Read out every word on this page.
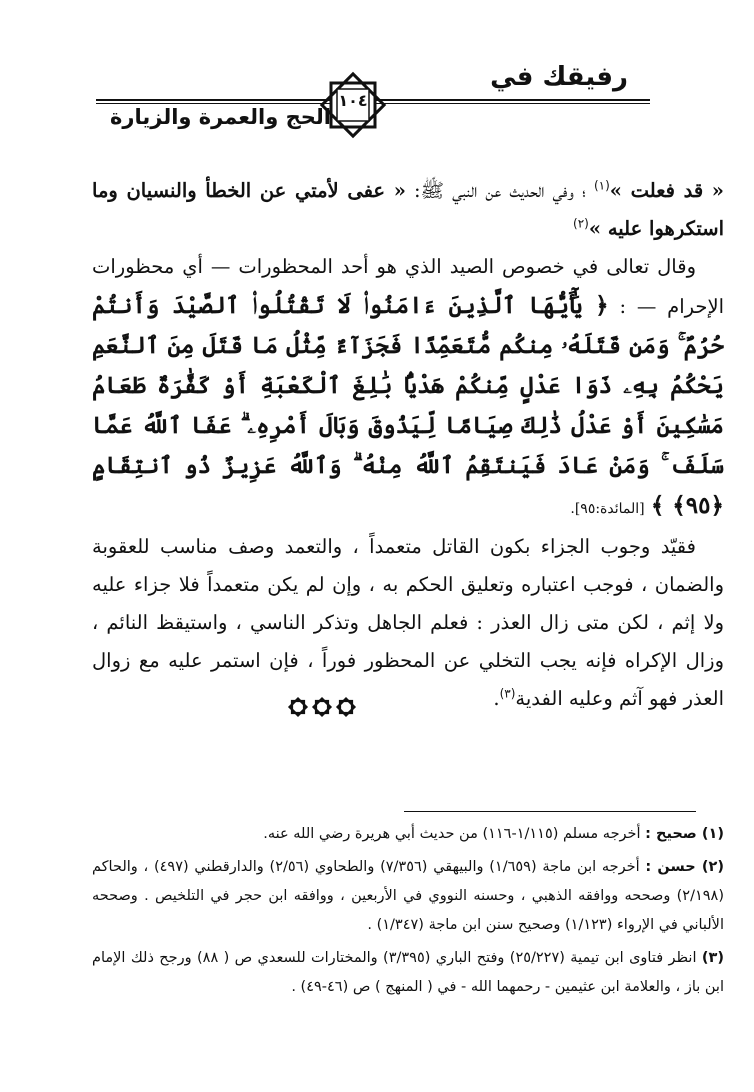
رفيقك في
١٠٤
الحج والعمرة والزيارة

« قد فعلت »$^{(١)}$ ؛ وفي الحديث عن النبي ﷺ: « عفى لأمتي عن الخطأ والنسيان وما استكرهوا عليه »$^{(٢)}$

وقال تعالى في خصوص الصيد الذي هو أحد المحظورات — أي محظورات الإحرام — : ﴿ يَٰٓأَيُّهَا ٱلَّذِينَ ءَامَنُوا۟ لَا تَقْتُلُوا۟ ٱلصَّيْدَ وَأَنتُمْ حُرُمٌ ۚ وَمَن قَتَلَهُۥ مِنكُم مُّتَعَمِّدًا فَجَزَآءٌ مِّثْلُ مَا قَتَلَ مِنَ ٱلنَّعَمِ يَحْكُمُ بِهِۦ ذَوَا عَدْلٍ مِّنكُمْ هَدْيًۢا بَٰلِغَ ٱلْكَعْبَةِ أَوْ كَفَّٰرَةٌ طَعَامُ مَسَٰكِينَ أَوْ عَدْلُ ذَٰلِكَ صِيَامًا لِّيَذُوقَ وَبَالَ أَمْرِهِۦ ۗ عَفَا ٱللَّهُ عَمَّا سَلَفَ ۚ وَمَنْ عَادَ فَيَنتَقِمُ ٱللَّهُ مِنْهُ ۗ وَٱللَّهُ عَزِيزٌ ذُو ٱنتِقَامٍ ﴿٩٥﴾ ﴾ [المائدة:٩٥].

فقيّد وجوب الجزاء بكون القاتل متعمداً ، والتعمد وصف مناسب للعقوبة والضمان ، فوجب اعتباره وتعليق الحكم به ، وإن لم يكن متعمداً فلا جزاء عليه ولا إثم ، لكن متى زال العذر : فعلم الجاهل وتذكر الناسي ، واستيقظ النائم ، وزال الإكراه فإنه يجب التخلي عن المحظور فوراً ، فإن استمر عليه مع زوال العذر فهو آثم وعليه الفدية$^{(٣)}$.

(١) صحيح : أخرجه مسلم (١/١١٥-١١٦) من حديث أبي هريرة رضي الله عنه.

(٢) حسن : أخرجه ابن ماجة (١/٦٥٩) والبيهقي (٧/٣٥٦) والطحاوي (٢/٥٦) والدارقطني (٤٩٧) ، والحاكم (٢/١٩٨) وصححه ووافقه الذهبي ، وحسنه النووي في الأربعين ، ووافقه ابن حجر في التلخيص . وصححه الألباني في الإرواء (١/١٢٣) وصحيح سنن ابن ماجة (١/٣٤٧) .

(٣) انظر فتاوى ابن تيمية (٢٥/٢٢٧) وفتح الباري (٣/٣٩٥) والمختارات للسعدي ص ( ٨٨) ورجح ذلك الإمام ابن باز ، والعلامة ابن عثيمين - رحمهما الله - في ( المنهج ) ص (٤٦-٤٩) .
